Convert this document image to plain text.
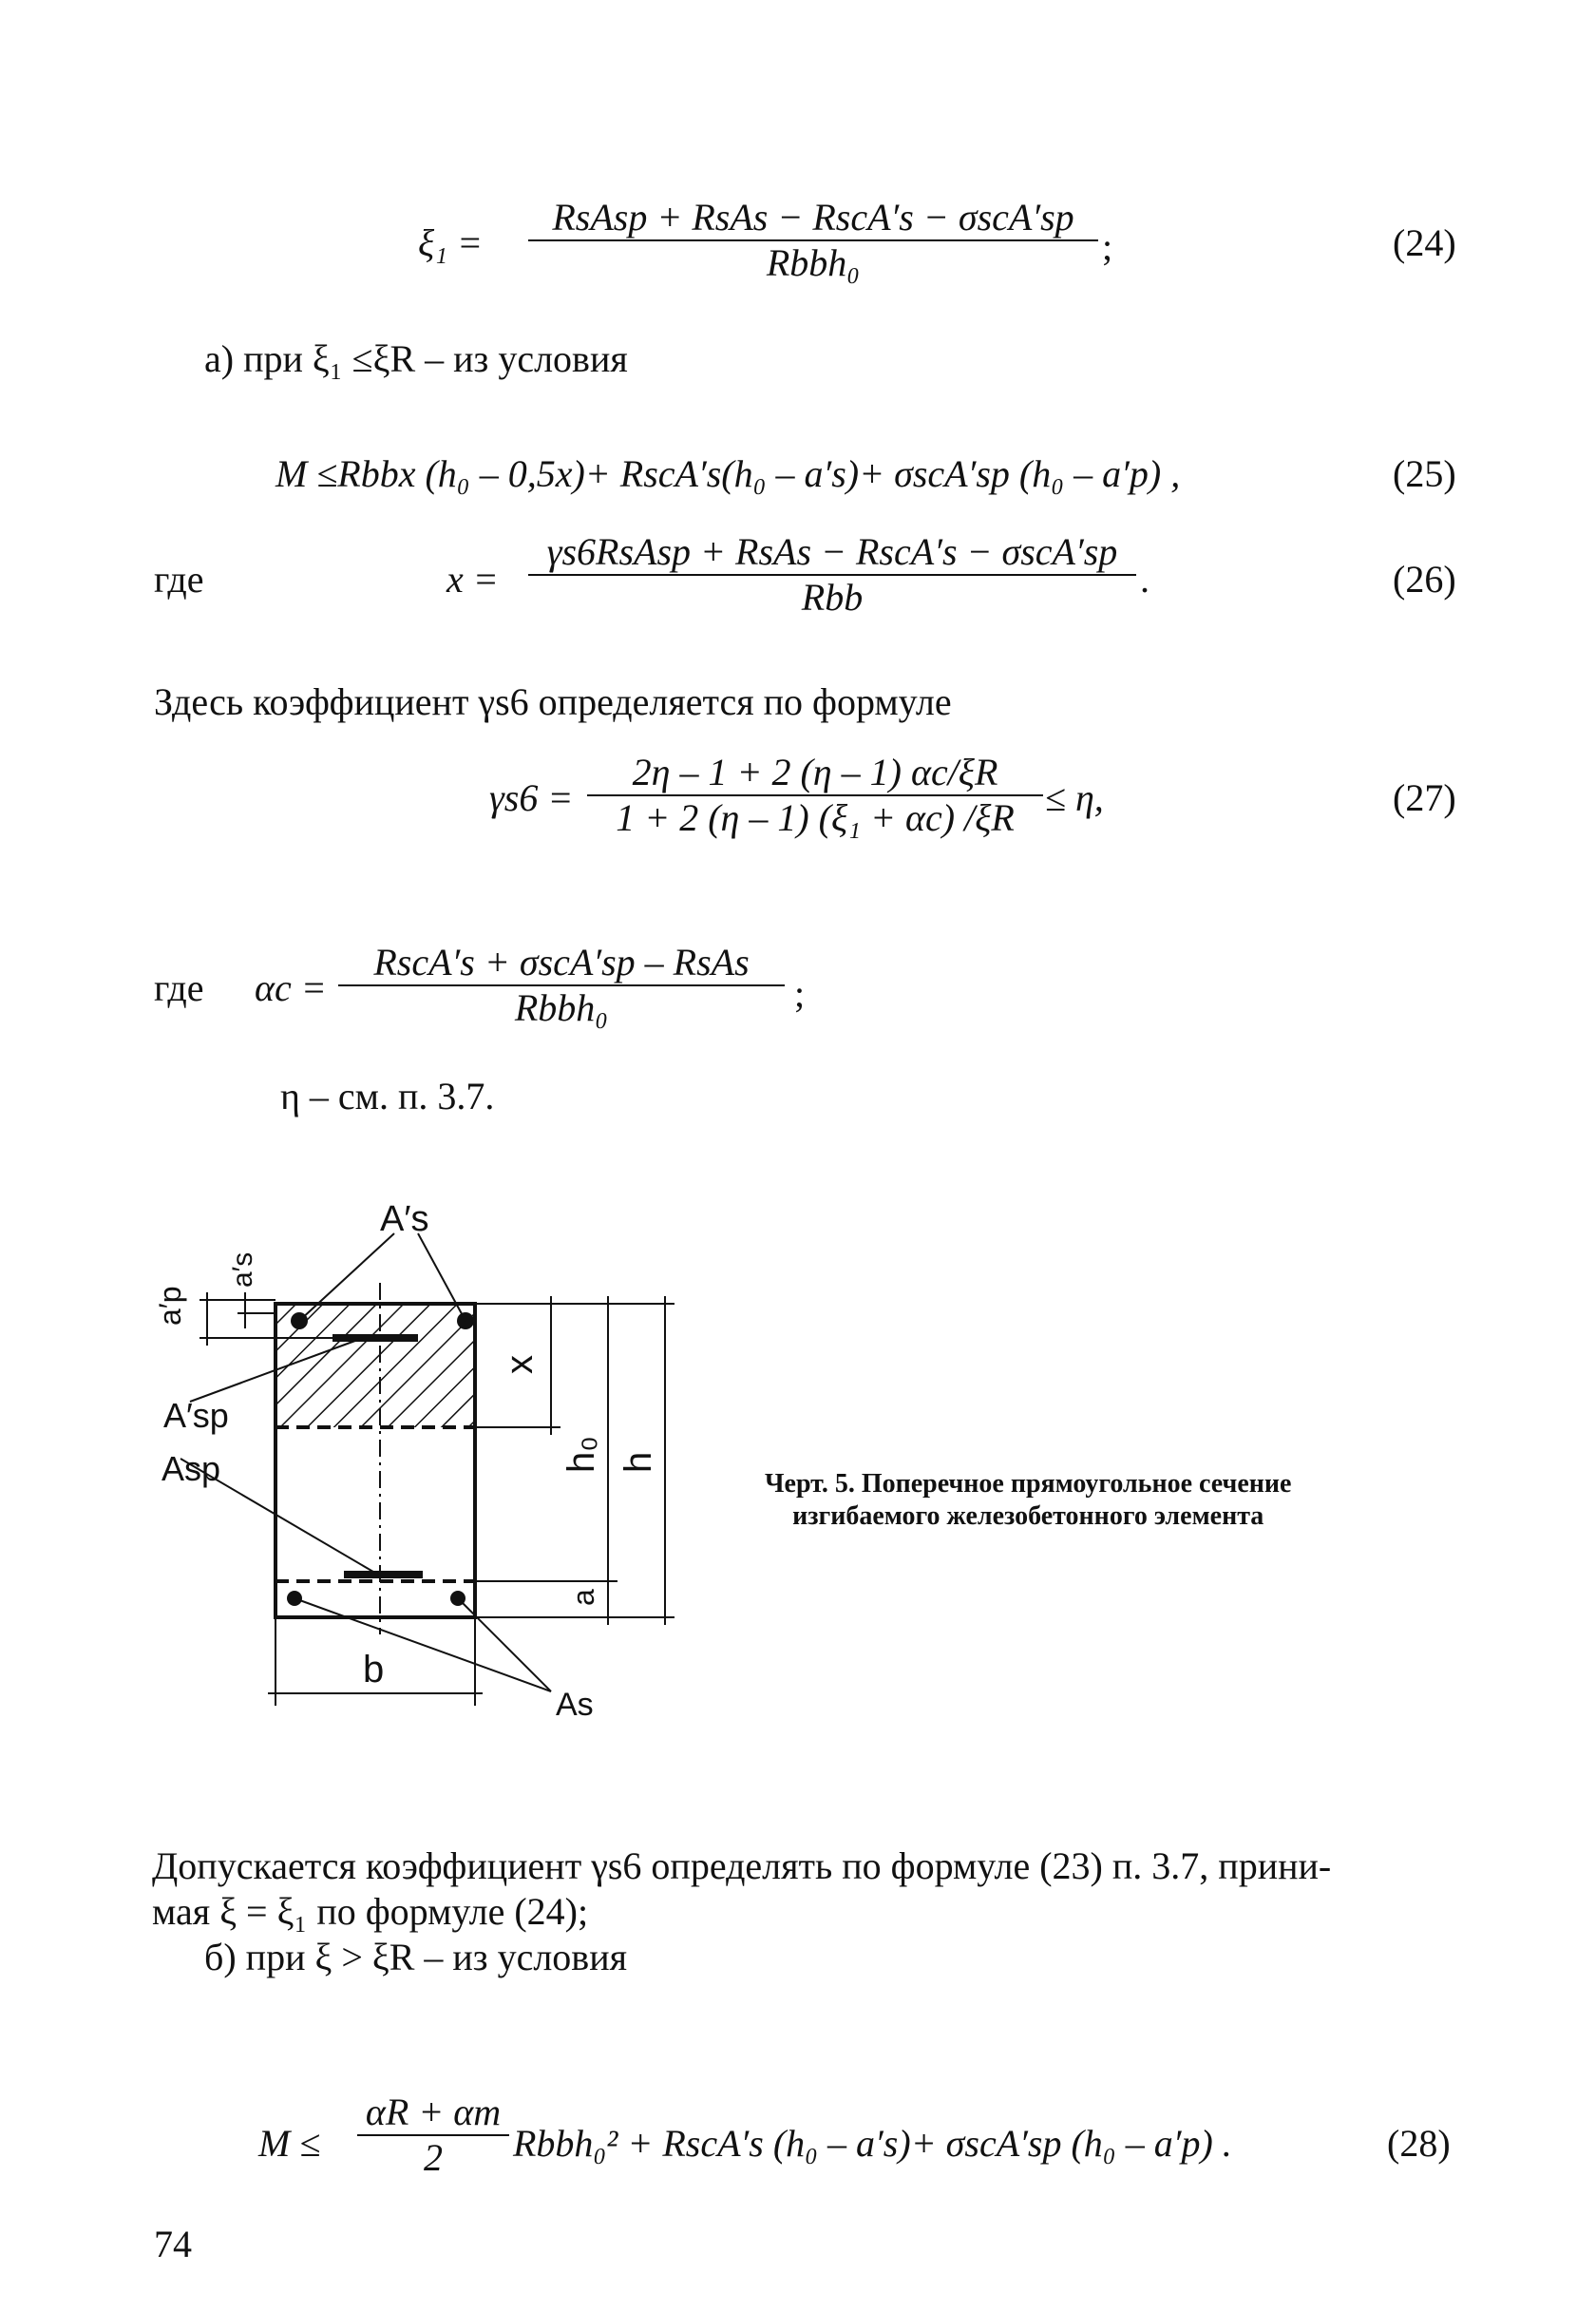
ξ₁ =
RsAsp + RsAs − RscA′s − σscA′sp
Rbbh₀	;	(24)
а) при ξ₁ ≤ξR – из условия
M ≤Rbbx (h₀ – 0,5x)+ RscA′s(h₀ – a′s)+ σscA′sp (h₀ – a′p) ,	(25)
где	x =
γs6RsAsp + RsAs − RscA′s − σscA′sp
Rbb	.	(26)
Здесь коэффициент γs6 определяется по формуле
γs6 =
2η – 1 + 2 (η – 1) αc/ξR
1 + 2 (η – 1) (ξ₁ + αc) /ξR ≤ η,	(27)
где αc =
RscA′s + σscA′sp – RsAs
Rbbh₀	;
η – см. п. 3.7.
A′s
a′p
a′s
A′sp
Asp
As
x
h₀ h
a
b
Черт. 5. Поперечное прямоугольное сечение
изгибаемого железобетонного элемента
Допускается коэффициент γs6 определять по формуле (23) п. 3.7, прини-
мая ξ = ξ₁ по формуле (24);
б) при ξ > ξR – из условия
M ≤
αR + αm
2	Rbbh₀² + RscA′s (h₀ – a′s)+ σscA′sp (h₀ – a′p) .	(28)
74
